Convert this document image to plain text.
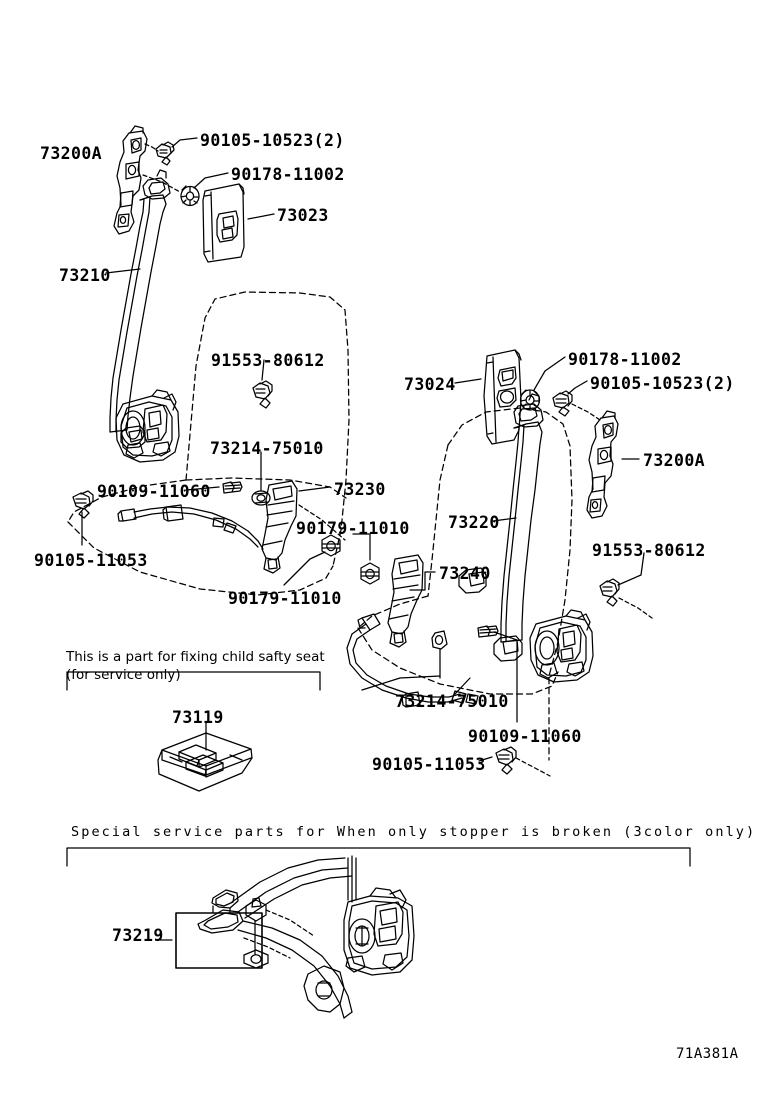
73200A
90105-10523(2)
90178-11002
73023
73210
91553-80612
73024
90178-11002
90105-10523(2)
73214-75010
73200A
90109-11060	73230
73220
90179-11010
91553-80612
90105-11053
73240
90179-11010
73214-75010
90109-11060
90105-11053
73119
73219
This is a part for fixing child safty seat
(for service only)
Special service parts for When only stopper is broken (3color only)
71A381A
